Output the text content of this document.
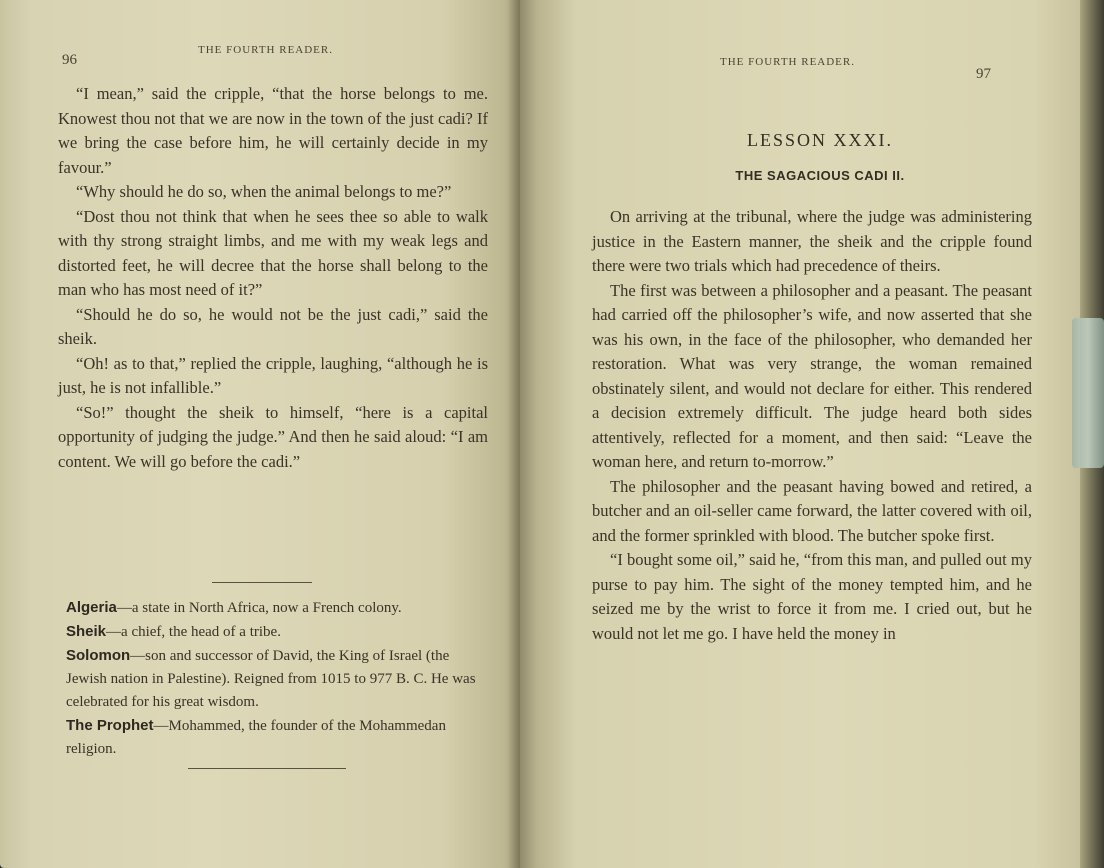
96
THE FOURTH READER.

“I mean,” said the cripple, “that the horse belongs to me. Knowest thou not that we are now in the town of the just cadi? If we bring the case before him, he will certainly decide in my favour.”

“Why should he do so, when the animal belongs to me?”

“Dost thou not think that when he sees thee so able to walk with thy strong straight limbs, and me with my weak legs and distorted feet, he will decree that the horse shall belong to the man who has most need of it?”

“Should he do so, he would not be the just cadi,” said the sheik.

“Oh! as to that,” replied the cripple, laughing, “although he is just, he is not infallible.”

“So!” thought the sheik to himself, “here is a capital opportunity of judging the judge.” And then he said aloud: “I am content. We will go before the cadi.”

Algeria—a state in North Africa, now a French colony.

Sheik—a chief, the head of a tribe.

Solomon—son and successor of David, the King of Israel (the Jewish nation in Palestine). Reigned from 1015 to 977 B. C. He was celebrated for his great wisdom.

The Prophet—Mohammed, the founder of the Mohammedan religion.

THE FOURTH READER.
97
LESSON XXXI.
THE SAGACIOUS CADI II.

On arriving at the tribunal, where the judge was administering justice in the Eastern manner, the sheik and the cripple found there were two trials which had precedence of theirs.

The first was between a philosopher and a peasant. The peasant had carried off the philosopher’s wife, and now asserted that she was his own, in the face of the philosopher, who demanded her restoration. What was very strange, the woman remained obstinately silent, and would not declare for either. This rendered a decision extremely difficult. The judge heard both sides attentively, reflected for a moment, and then said: “Leave the woman here, and return to-morrow.”

The philosopher and the peasant having bowed and retired, a butcher and an oil-seller came forward, the latter covered with oil, and the former sprinkled with blood. The butcher spoke first.

“I bought some oil,” said he, “from this man, and pulled out my purse to pay him. The sight of the money tempted him, and he seized me by the wrist to force it from me. I cried out, but he would not let me go. I have held the money in
